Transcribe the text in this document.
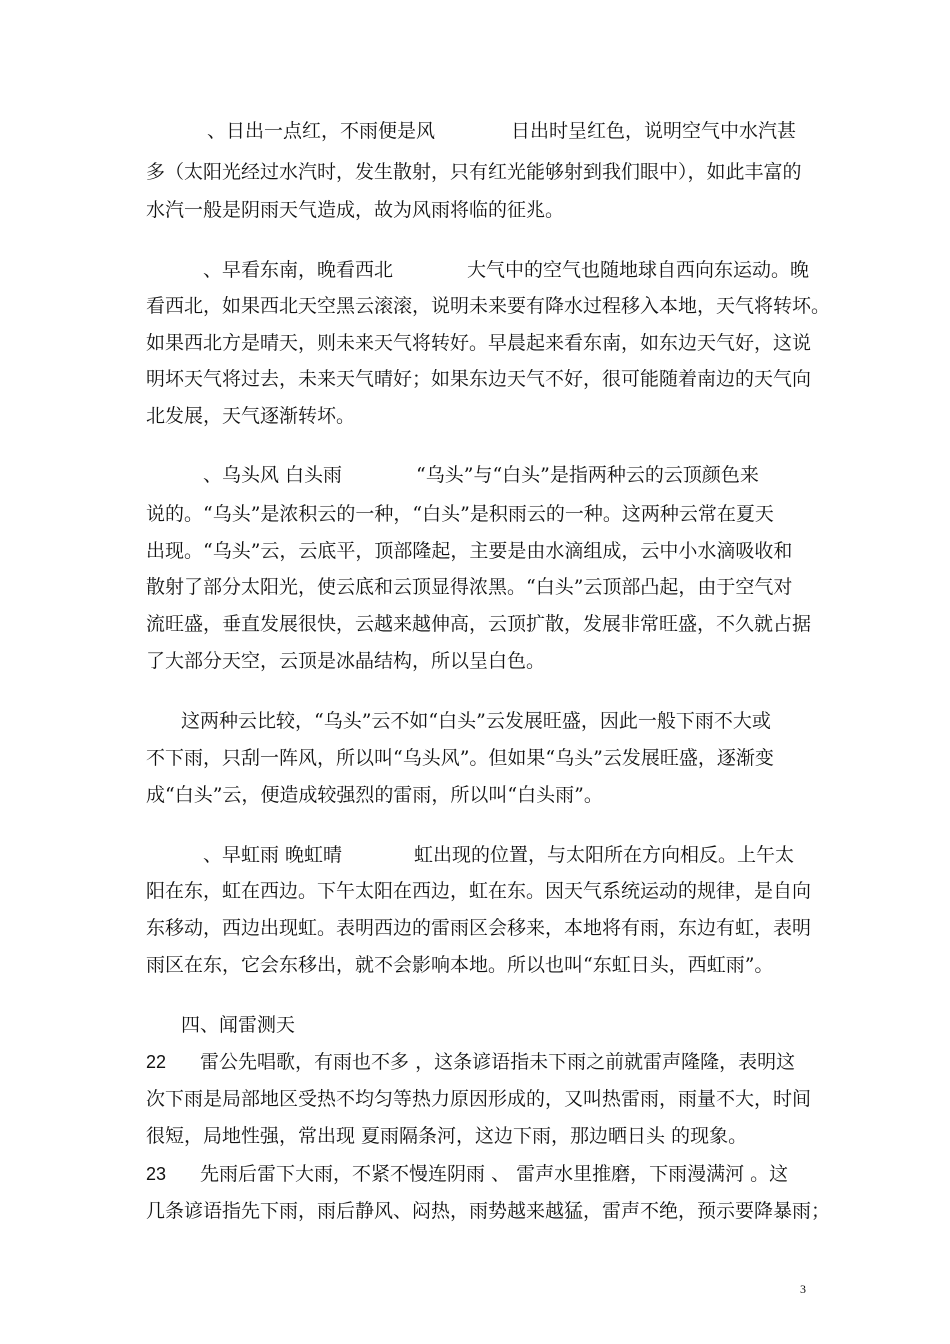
、日出一点红，不雨便是风	日出时呈红色，说明空气中水汽甚

多（太阳光经过水汽时，发生散射，只有红光能够射到我们眼中），如此丰富的

水汽一般是阴雨天气造成，故为风雨将临的征兆。

、早看东南，晚看西北	大气中的空气也随地球自西向东运动。晚

看西北，如果西北天空黑云滚滚，说明未来要有降水过程移入本地，天气将转坏。

如果西北方是晴天，则未来天气将转好。早晨起来看东南，如东边天气好，这说

明坏天气将过去，未来天气晴好；如果东边天气不好，很可能随着南边的天气向

北发展，天气逐渐转坏。

、乌头风 白头雨	“乌头”与“白头”是指两种云的云顶颜色来

说的。“乌头”是浓积云的一种，“白头”是积雨云的一种。这两种云常在夏天

出现。“乌头”云，云底平，顶部隆起，主要是由水滴组成，云中小水滴吸收和

散射了部分太阳光，使云底和云顶显得浓黑。“白头”云顶部凸起，由于空气对

流旺盛，垂直发展很快，云越来越伸高，云顶扩散，发展非常旺盛，不久就占据

了大部分天空，云顶是冰晶结构，所以呈白色。

这两种云比较，“乌头”云不如“白头”云发展旺盛，因此一般下雨不大或

不下雨，只刮一阵风，所以叫“乌头风”。但如果“乌头”云发展旺盛，逐渐变

成“白头”云，便造成较强烈的雷雨，所以叫“白头雨”。

、早虹雨 晚虹晴	虹出现的位置，与太阳所在方向相反。上午太

阳在东，虹在西边。下午太阳在西边，虹在东。因天气系统运动的规律，是自向

东移动，西边出现虹。表明西边的雷雨区会移来，本地将有雨，东边有虹，表明

雨区在东，它会东移出，就不会影响本地。所以也叫“东虹日头，西虹雨”。

四、闻雷测天

22 雷公先唱歌，有雨也不多 ，这条谚语指未下雨之前就雷声隆隆，表明这

次下雨是局部地区受热不均匀等热力原因形成的，又叫热雷雨，雨量不大，时间

很短，局地性强，常出现 夏雨隔条河，这边下雨，那边晒日头 的现象。

23 先雨后雷下大雨，不紧不慢连阴雨 、 雷声水里推磨，下雨漫满河 。这

几条谚语指先下雨，雨后静风、闷热，雨势越来越猛，雷声不绝，预示要降暴雨；

3
